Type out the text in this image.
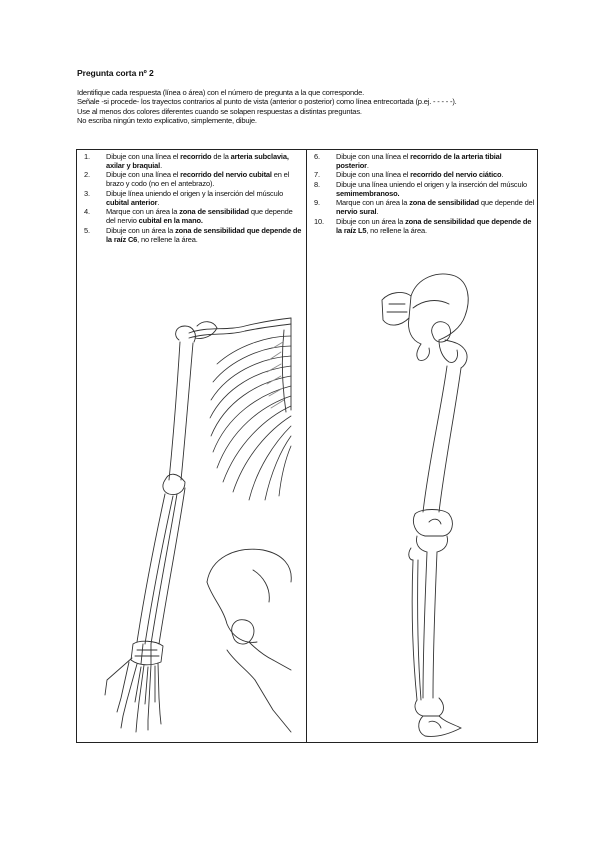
Pregunta corta nº 2

Identifique cada respuesta (línea o área) con el número de pregunta a la que corresponde.

Señale -si procede- los trayectos contrarios al punto de vista (anterior o posterior) como línea entrecortada (p.ej. - - - - -).

Use al menos dos colores diferentes cuando se solapen respuestas a distintas preguntas.

No escriba ningún texto explicativo, simplemente, dibuje.

1. Dibuje con una línea el recorrido de la arteria subclavia, axilar y braquial.
2. Dibuje con una línea el recorrido del nervio cubital en el brazo y codo (no en el antebrazo).
3. Dibuje línea uniendo el origen y la inserción del músculo cubital anterior.
4. Marque con un área la zona de sensibilidad que depende del nervio cubital en la mano.
5. Dibuje con un área la zona de sensibilidad que depende de la raíz C6, no rellene la área.
6. Dibuje con una línea el recorrido de la arteria tibial posterior.
7. Dibuje con una línea el recorrido del nervio ciático.
8. Dibuje una línea uniendo el origen y la inserción del músculo semimembranoso.
9. Marque con un área la zona de sensibilidad que depende del nervio sural.
10. Dibuje con un área la zona de sensibilidad que depende de la raíz L5, no rellene la área.
